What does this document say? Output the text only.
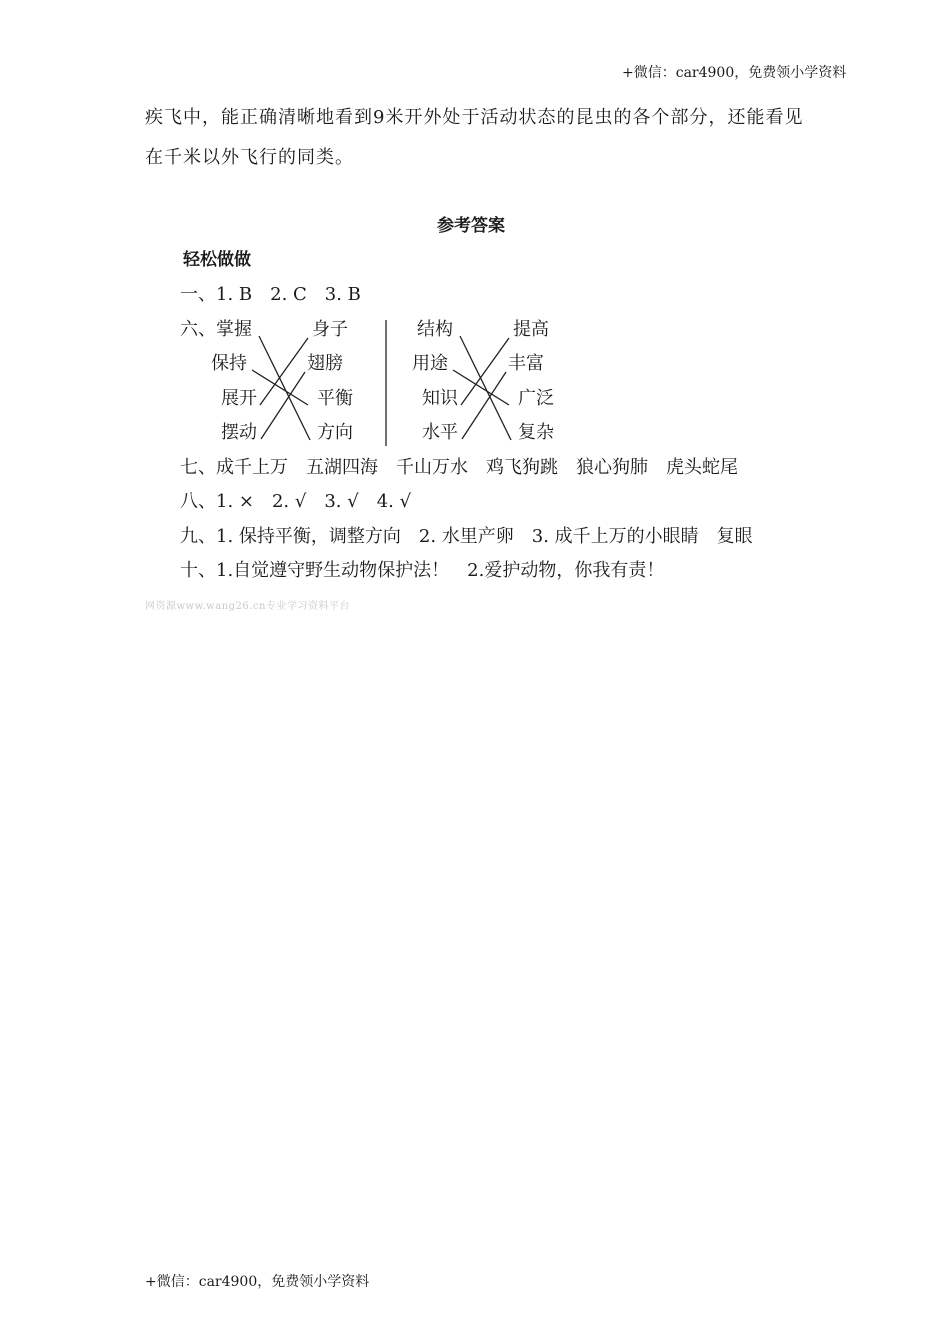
+微信：car4900，免费领小学资料
疾飞中，能正确清晰地看到9米开外处于活动状态的昆虫的各个部分，还能看见
在千米以外飞行的同类。
参考答案
轻松做做
一、1. B　2. C　3. B
六、 掌握
保持
展开
摆动
身子
翅膀
平衡
方向
结构
用途
知识
水平
提高
丰富
广泛
复杂
七、成千上万　五湖四海　千山万水　鸡飞狗跳　狼心狗肺　虎头蛇尾
八、1. ×　2. √　3. √　4. √
九、1. 保持平衡，调整方向　2. 水里产卵　3. 成千上万的小眼睛　复眼
十、1.自觉遵守野生动物保护法！　2.爱护动物，你我有责！
网资源www.wang26.cn专业学习资料平台
+微信：car4900，免费领小学资料
